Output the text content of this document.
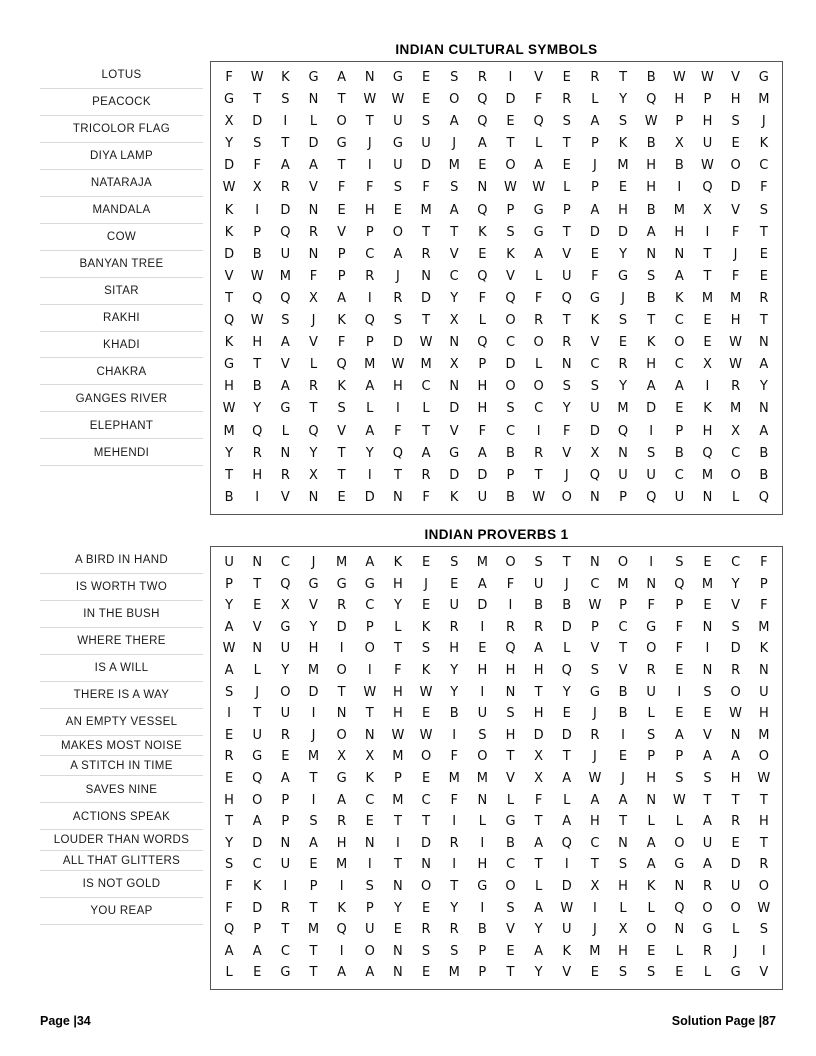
LOTUS
PEACOCK
TRICOLOR FLAG
DIYA LAMP
NATARAJA
MANDALA
COW
BANYAN TREE
SITAR
RAKHI
KHADI
CHAKRA
GANGES RIVER
ELEPHANT
MEHENDI
INDIAN CULTURAL SYMBOLS
F	W	K	G	A	N	G	E	S	R	I	V	E	R	T	B	W	W	V	G
G	T	S	N	T	W	W	E	O	Q	D	F	R	L	Y	Q	H	P	H	M
X	D	I	L	O	T	U	S	A	Q	E	Q	S	A	S	W	P	H	S	J
Y	S	T	D	G	J	G	U	J	A	T	L	T	P	K	B	X	U	E	K
D	F	A	A	T	I	U	D	M	E	O	A	E	J	M	H	B	W	O	C
W	X	R	V	F	F	S	F	S	N	W	W	L	P	E	H	I	Q	D	F
K	I	D	N	E	H	E	M	A	Q	P	G	P	A	H	B	M	X	V	S
K	P	Q	R	V	P	O	T	T	K	S	G	T	D	D	A	H	I	F	T
D	B	U	N	P	C	A	R	V	E	K	A	V	E	Y	N	N	T	J	E
V	W	M	F	P	R	J	N	C	Q	V	L	U	F	G	S	A	T	F	E
T	Q	Q	X	A	I	R	D	Y	F	Q	F	Q	G	J	B	K	M	M	R
Q	W	S	J	K	Q	S	T	X	L	O	R	T	K	S	T	C	E	H	T
K	H	A	V	F	P	D	W	N	Q	C	O	R	V	E	K	O	E	W	N
G	T	V	L	Q	M	W	M	X	P	D	L	N	C	R	H	C	X	W	A
H	B	A	R	K	A	H	C	N	H	O	O	S	S	Y	A	A	I	R	Y
W	Y	G	T	S	L	I	L	D	H	S	C	Y	U	M	D	E	K	M	N
M	Q	L	Q	V	A	F	T	V	F	C	I	F	D	Q	I	P	H	X	A
Y	R	N	Y	T	Y	Q	A	G	A	B	R	V	X	N	S	B	Q	C	B
T	H	R	X	T	I	T	R	D	D	P	T	J	Q	U	U	C	M	O	B
B	I	V	N	E	D	N	F	K	U	B	W	O	N	P	Q	U	N	L	Q
A BIRD IN HAND
IS WORTH TWO
IN THE BUSH
WHERE THERE
IS A WILL
THERE IS A WAY
AN EMPTY VESSEL
MAKES MOST NOISE
A STITCH IN TIME
SAVES NINE
ACTIONS SPEAK
LOUDER THAN WORDS
ALL THAT GLITTERS
IS NOT GOLD
YOU REAP
INDIAN PROVERBS 1
U	N	C	J	M	A	K	E	S	M	O	S	T	N	O	I	S	E	C	F
P	T	Q	G	G	G	H	J	E	A	F	U	J	C	M	N	Q	M	Y	P
Y	E	X	V	R	C	Y	E	U	D	I	B	B	W	P	F	P	E	V	F
A	V	G	Y	D	P	L	K	R	I	R	R	D	P	C	G	F	N	S	M
W	N	U	H	I	O	T	S	H	E	Q	A	L	V	T	O	F	I	D	K
A	L	Y	M	O	I	F	K	Y	H	H	H	Q	S	V	R	E	N	R	N
S	J	O	D	T	W	H	W	Y	I	N	T	Y	G	B	U	I	S	O	U
I	T	U	I	N	T	H	E	B	U	S	H	E	J	B	L	E	E	W	H
E	U	R	J	O	N	W	W	I	S	H	D	D	R	I	S	A	V	N	M
R	G	E	M	X	X	M	O	F	O	T	X	T	J	E	P	P	A	A	O
E	Q	A	T	G	K	P	E	M	M	V	X	A	W	J	H	S	S	H	W
H	O	P	I	A	C	M	C	F	N	L	F	L	A	A	N	W	T	T	T
T	A	P	S	R	E	T	T	I	L	G	T	A	H	T	L	L	A	R	H
Y	D	N	A	H	N	I	D	R	I	B	A	Q	C	N	A	O	U	E	T
S	C	U	E	M	I	T	N	I	H	C	T	I	T	S	A	G	A	D	R
F	K	I	P	I	S	N	O	T	G	O	L	D	X	H	K	N	R	U	O
F	D	R	T	K	P	Y	E	Y	I	S	A	W	I	L	L	Q	O	O	W
Q	P	T	M	Q	U	E	R	R	B	V	Y	U	J	X	O	N	G	L	S
A	A	C	T	I	O	N	S	S	P	E	A	K	M	H	E	L	R	J	I
L	E	G	T	A	A	N	E	M	P	T	Y	V	E	S	S	E	L	G	V
Page |34	Solution Page |87
